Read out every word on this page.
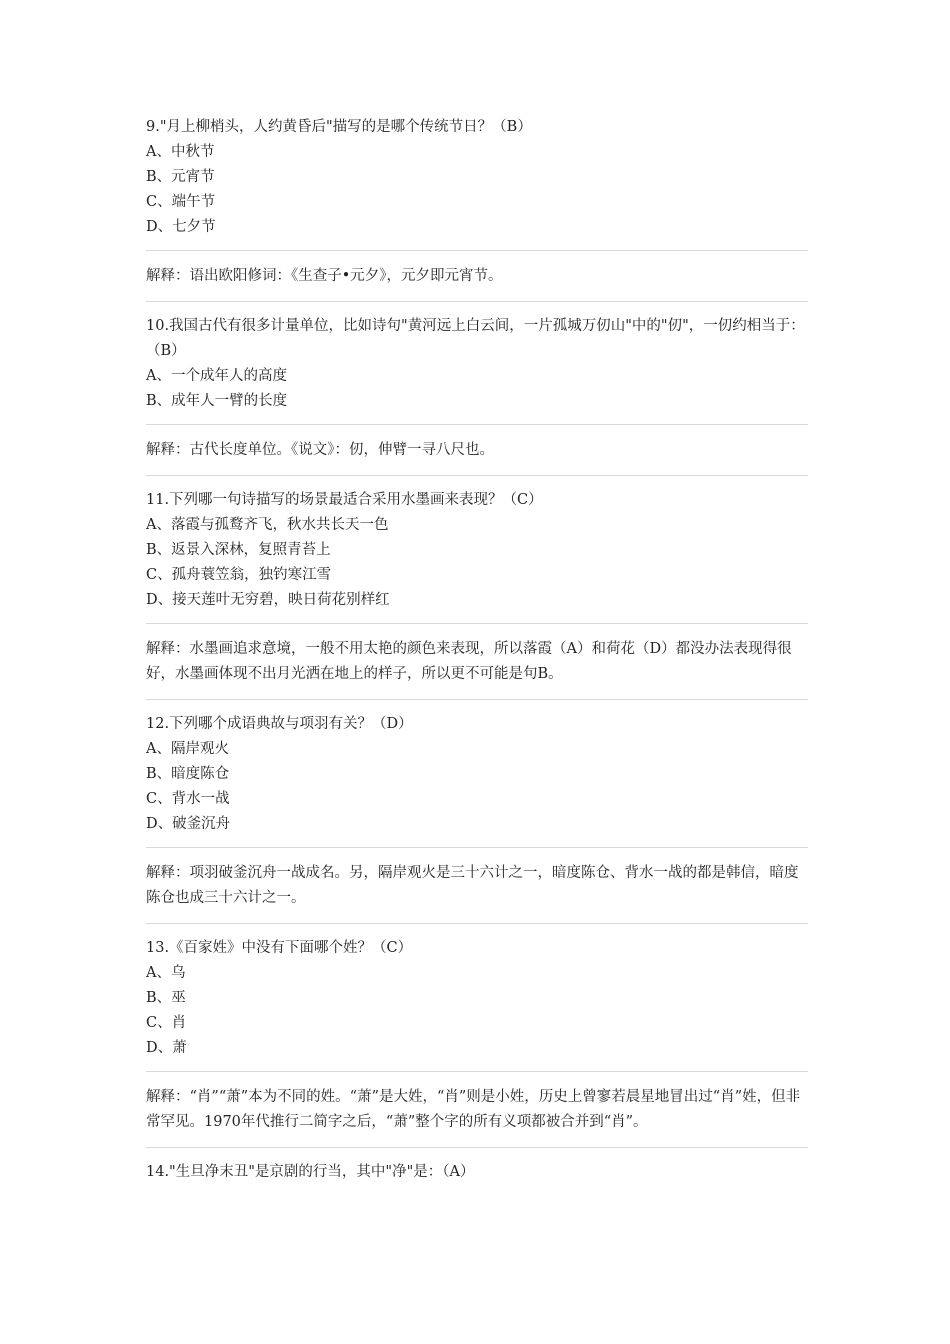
9."月上柳梢头，人约黄昏后"描写的是哪个传统节日？（B）

A、中秋节

B、元宵节

C、端午节

D、七夕节

解释：语出欧阳修词：《生查子•元夕》，元夕即元宵节。

10.我国古代有很多计量单位，比如诗句"黄河远上白云间，一片孤城万仞山"中的"仞"，一仞约相当于：（B）

A、一个成年人的高度

B、成年人一臂的长度

解释：古代长度单位。《说文》：仞，伸臂一寻八尺也。

11.下列哪一句诗描写的场景最适合采用水墨画来表现？（C）

A、落霞与孤鹜齐飞，秋水共长天一色

B、返景入深林，复照青苔上

C、孤舟蓑笠翁，独钓寒江雪

D、接天莲叶无穷碧，映日荷花别样红

解释：水墨画追求意境，一般不用太艳的颜色来表现，所以落霞（A）和荷花（D）都没办法表现得很好，水墨画体现不出月光洒在地上的样子，所以更不可能是句B。

12.下列哪个成语典故与项羽有关？（D）

A、隔岸观火

B、暗度陈仓

C、背水一战

D、破釜沉舟

解释：项羽破釜沉舟一战成名。另，隔岸观火是三十六计之一，暗度陈仓、背水一战的都是韩信，暗度陈仓也成三十六计之一。

13.《百家姓》中没有下面哪个姓？（C）

A、乌

B、巫

C、肖

D、萧

解释：“肖”“萧”本为不同的姓。“萧”是大姓，“肖”则是小姓，历史上曾寥若晨星地冒出过“肖”姓，但非常罕见。1970年代推行二简字之后，“萧”整个字的所有义项都被合并到“肖”。

14."生旦净末丑"是京剧的行当，其中"净"是：（A）
